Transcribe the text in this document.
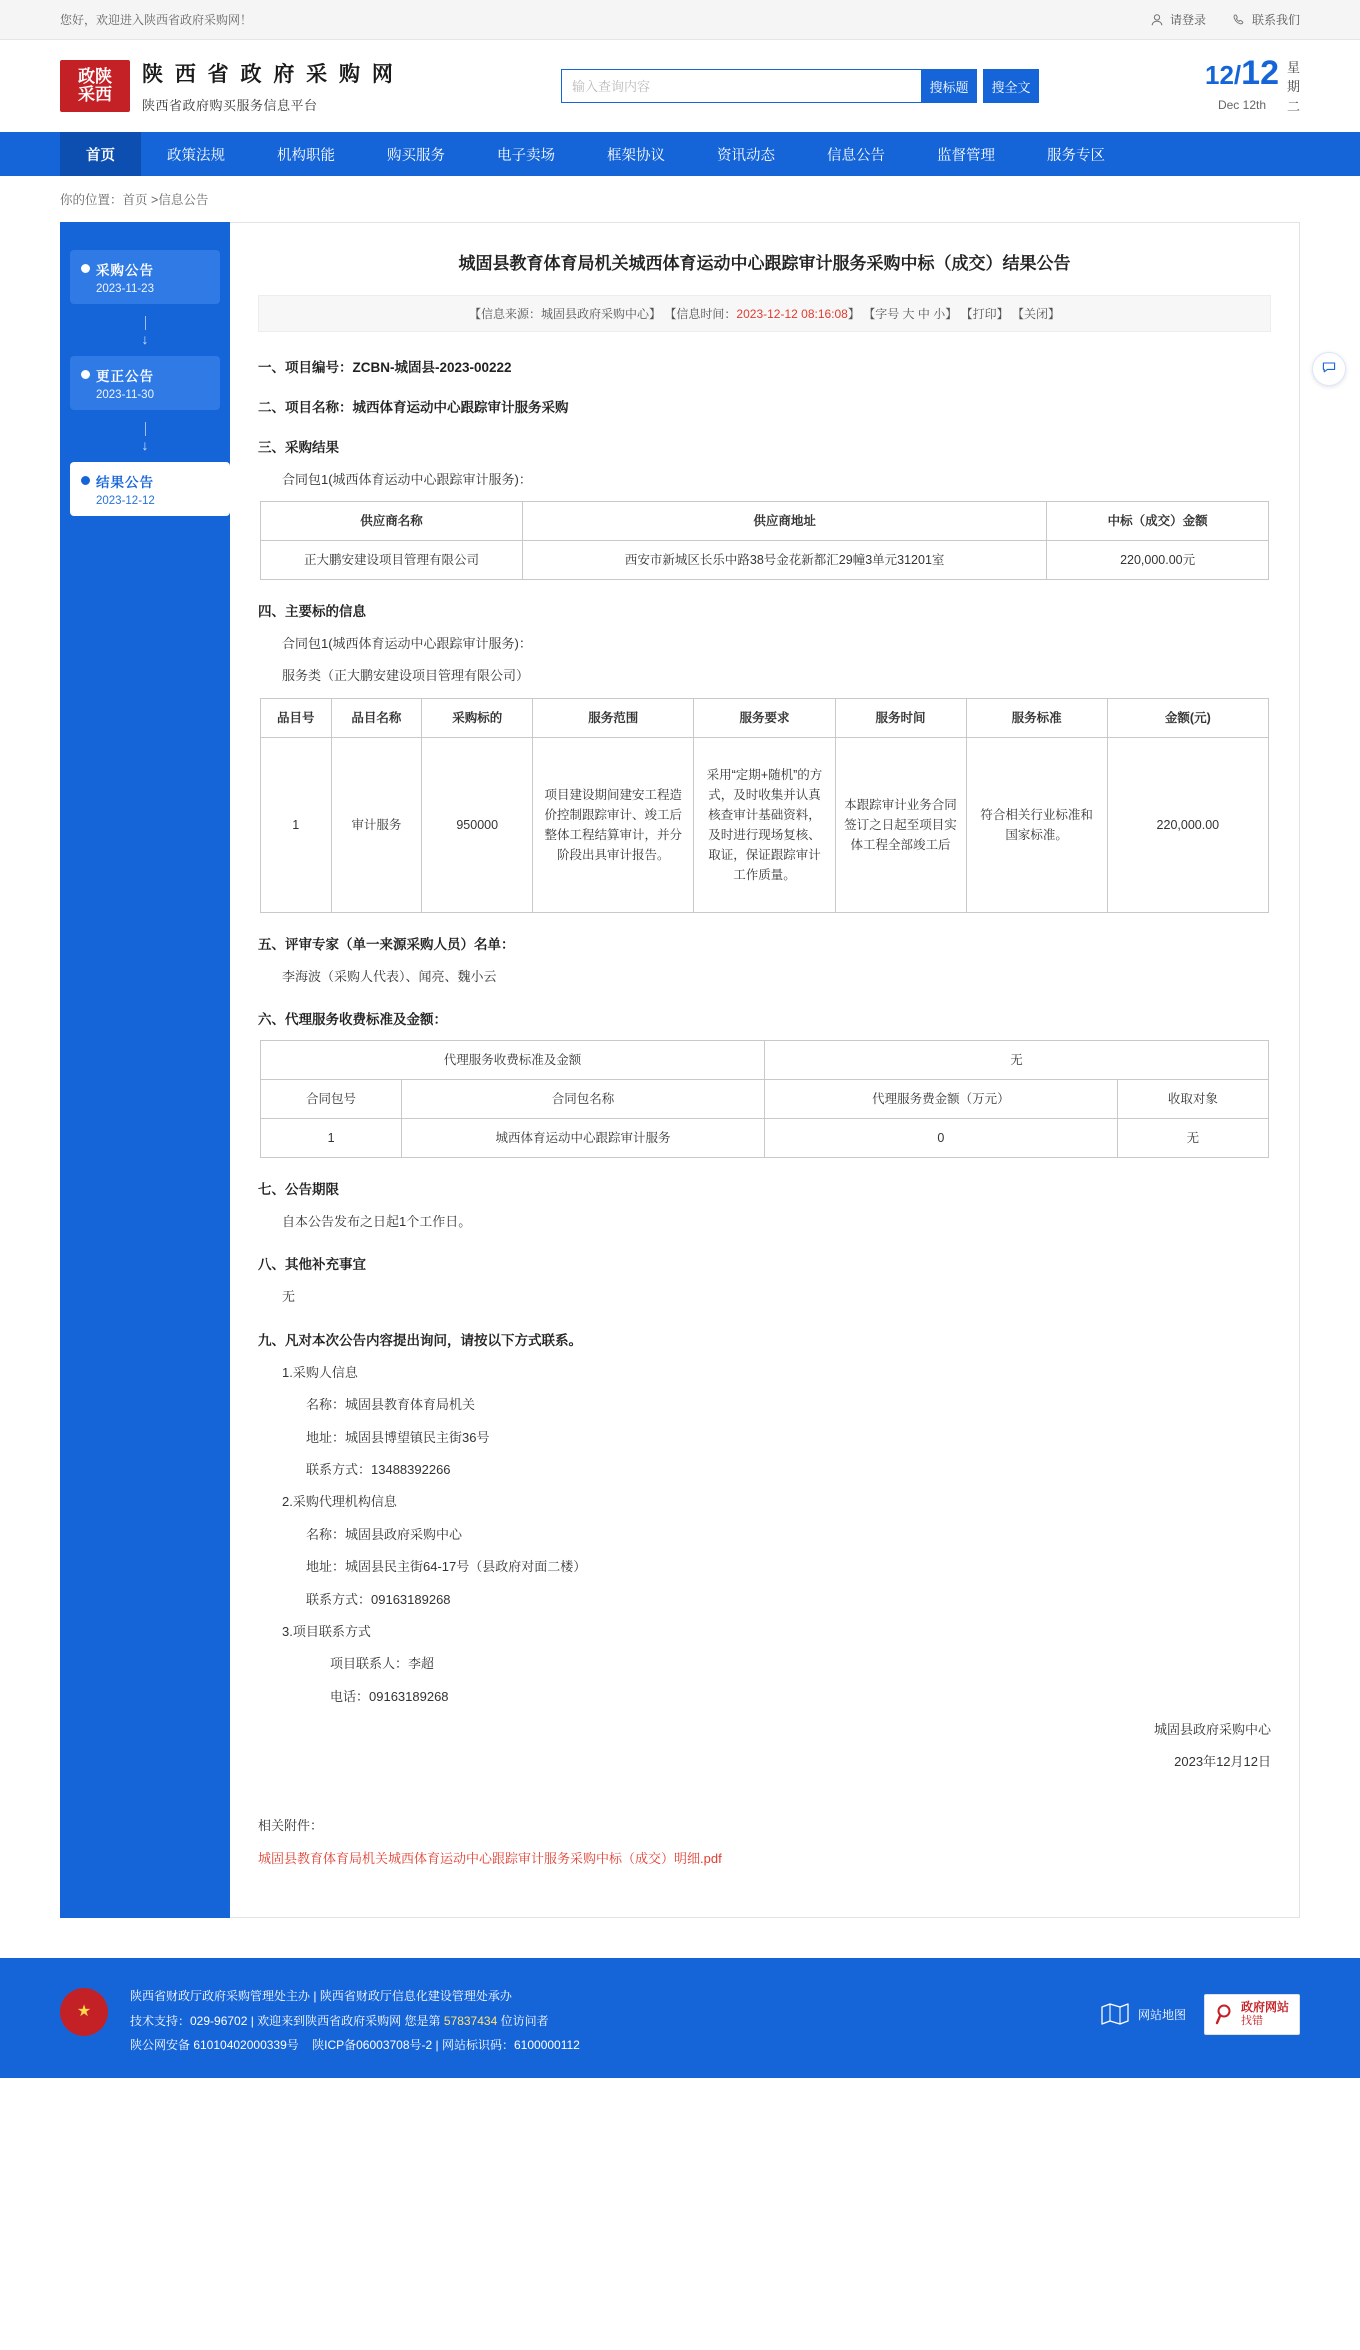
您好，欢迎进入陕西省政府采购网！	请登录	联系我们
政陕
采西
陕 西 省 政 府 采 购 网
陕西省政府购买服务信息平台
输入查询内容
搜标题	搜全文	12/12
Dec 12th
星
期
二
首页	政策法规	机构职能	购买服务	电子卖场	框架协议	资讯动态	信息公告	监督管理	服务专区
你的位置：首页 >信息公告
采购公告
2023-11-23
↓
更正公告
2023-11-30
↓
结果公告
2023-12-12
城固县教育体育局机关城西体育运动中心跟踪审计服务采购中标（成交）结果公告
【信息来源：城固县政府采购中心】 【信息时间：2023-12-12 08:16:08】 【字号 大 中 小】 【打印】 【关闭】
一、项目编号：ZCBN-城固县-2023-00222
二、项目名称：城西体育运动中心跟踪审计服务采购
三、采购结果
合同包1(城西体育运动中心跟踪审计服务)：
供应商名称	供应商地址	中标（成交）金额
正大鹏安建设项目管理有限公司	西安市新城区长乐中路38号金花新都汇29幢3单元31201室	220,000.00元
四、主要标的信息
合同包1(城西体育运动中心跟踪审计服务)：
服务类（正大鹏安建设项目管理有限公司）
品目号	品目名称	采购标的	服务范围	服务要求	服务时间	服务标准	金额(元)
1	审计服务	950000	项目建设期间建安工程造价控制跟踪审计、竣工后整体工程结算审计，并分阶段出具审计报告。	采用“定期+随机”的方式，及时收集并认真核查审计基础资料，及时进行现场复核、取证，保证跟踪审计工作质量。	本跟踪审计业务合同签订之日起至项目实体工程全部竣工后	符合相关行业标准和国家标准。	220,000.00
五、评审专家（单一来源采购人员）名单：
李海波（采购人代表）、闻亮、魏小云
六、代理服务收费标准及金额：
代理服务收费标准及金额		无	
合同包号	合同包名称	代理服务费金额（万元）	收取对象
1	城西体育运动中心跟踪审计服务	0	无
七、公告期限
自本公告发布之日起1个工作日。
八、其他补充事宜
无
九、凡对本次公告内容提出询问，请按以下方式联系。
1.采购人信息
名称：城固县教育体育局机关
地址：城固县博望镇民主街36号
联系方式：13488392266
2.采购代理机构信息
名称：城固县政府采购中心
地址：城固县民主街64-17号（县政府对面二楼）
联系方式：09163189268
3.项目联系方式
项目联系人：李超
电话：09163189268
城固县政府采购中心
2023年12月12日
相关附件：
城固县教育体育局机关城西体育运动中心跟踪审计服务采购中标（成交）明细.pdf
★
陕西省财政厅政府采购管理处主办 | 陕西省财政厅信息化建设管理处承办
技术支持：029-96702 | 欢迎来到陕西省政府采购网 您是第 57837434 位访问者
陕公网安备 61010402000339号 陕ICP备06003708号-2 | 网站标识码：6100000112
网站地图
政府网站
找错
